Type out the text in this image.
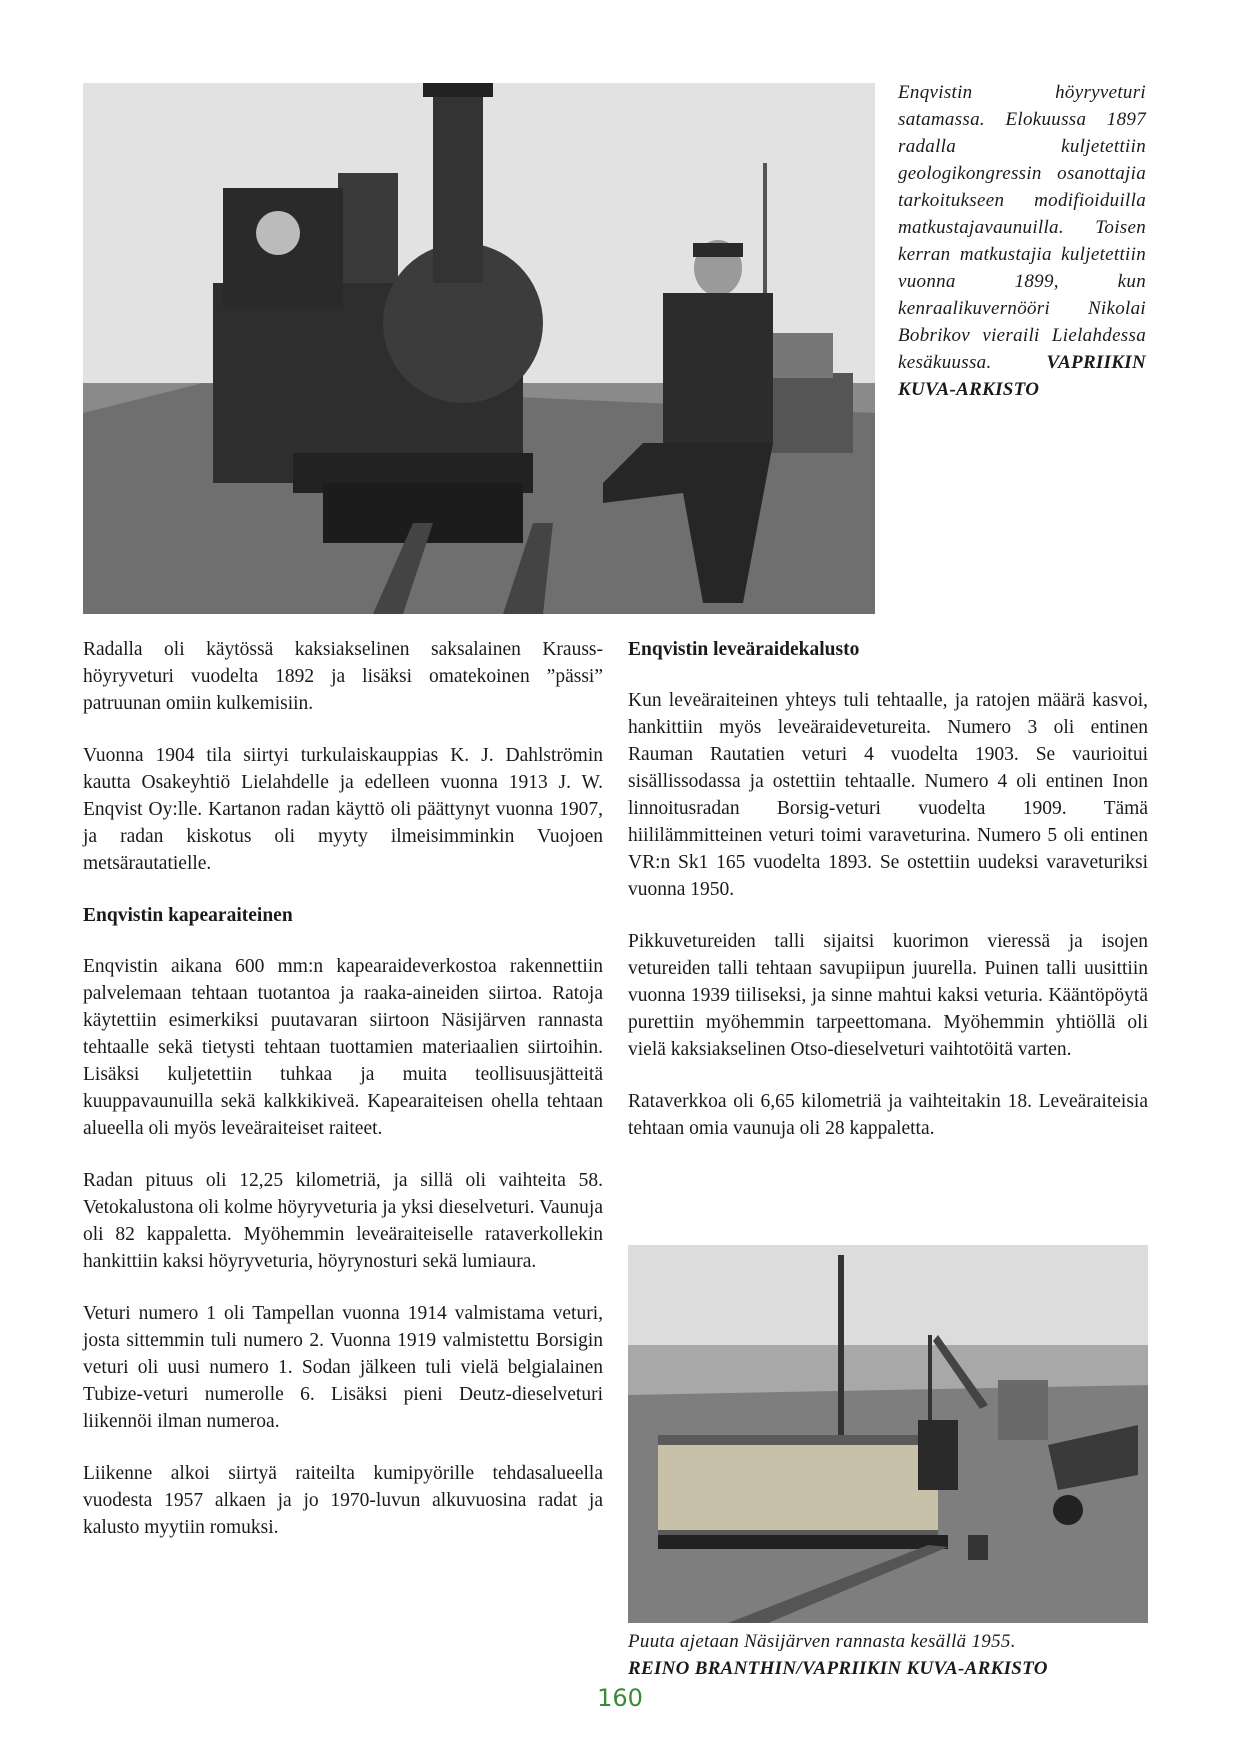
Enqvistin höyryveturi satamassa. Elokuussa 1897 radalla kuljetettiin geologikongressin osanottajia tarkoitukseen modifioiduilla matkustajavaunuilla. Toisen kerran matkustajia kuljetettiin vuonna 1899, kun kenraalikuvernööri Nikolai Bobrikov vieraili Lielahdessa kesäkuussa.	VAPRIIKIN KUVA-ARKISTO

Radalla oli käytössä kaksiakselinen saksalainen Krauss-höyryveturi vuodelta 1892 ja lisäksi omatekoinen ”pässi” patruunan omiin kulkemisiin.

Vuonna 1904 tila siirtyi turkulaiskauppias K. J. Dahlströmin kautta Osakeyhtiö Lielahdelle ja edelleen vuonna 1913 J. W. Enqvist Oy:lle. Kartanon radan käyttö oli päättynyt vuonna 1907, ja radan kiskotus oli myyty ilmeisimminkin Vuojoen metsärautatielle.

Enqvistin kapearaiteinen

Enqvistin aikana 600 mm:n kapearaideverkostoa rakennettiin palvelemaan tehtaan tuotantoa ja raaka-aineiden siirtoa. Ratoja käytettiin esimerkiksi puutavaran siirtoon Näsijärven rannasta tehtaalle sekä tietysti tehtaan tuottamien materiaalien siirtoihin. Lisäksi kuljetettiin tuhkaa ja muita teollisuusjätteitä kuuppavaunuilla sekä kalkkikiveä. Kapearaiteisen ohella tehtaan alueella oli myös leveäraiteiset raiteet.

Radan pituus oli 12,25 kilometriä, ja sillä oli vaihteita 58. Vetokalustona oli kolme höyryveturia ja yksi dieselveturi. Vaunuja oli 82 kappaletta. Myöhemmin leveäraiteiselle rataverkollekin hankittiin kaksi höyryveturia, höyrynosturi sekä lumiaura.

Veturi numero 1 oli Tampellan vuonna 1914 valmistama veturi, josta sittemmin tuli numero 2. Vuonna 1919 valmistettu Borsigin veturi oli uusi numero 1. Sodan jälkeen tuli vielä belgialainen Tubize-veturi numerolle 6. Lisäksi pieni Deutz-dieselveturi liikennöi ilman numeroa.

Liikenne alkoi siirtyä raiteilta kumipyörille tehdasalueella vuodesta 1957 alkaen ja jo 1970-luvun alkuvuosina radat ja kalusto myytiin romuksi.

Enqvistin leveäraidekalusto

Kun leveäraiteinen yhteys tuli tehtaalle, ja ratojen määrä kasvoi, hankittiin myös leveäraidevetureita. Numero 3 oli entinen Rauman Rautatien veturi 4 vuodelta 1903. Se vaurioitui sisällissodassa ja ostettiin tehtaalle. Numero 4 oli entinen Inon linnoitusradan Borsig-veturi vuodelta 1909. Tämä hiililämmitteinen veturi toimi varaveturina. Numero 5 oli entinen VR:n Sk1 165 vuodelta 1893. Se ostettiin uudeksi varaveturiksi vuonna 1950.

Pikkuvetureiden talli sijaitsi kuorimon vieressä ja isojen vetureiden talli tehtaan savupiipun juurella. Puinen talli uusittiin vuonna 1939 tiiliseksi, ja sinne mahtui kaksi veturia. Kääntöpöytä purettiin myöhemmin tarpeettomana. Myöhemmin yhtiöllä oli vielä kaksiakselinen Otso-dieselveturi vaihtotöitä varten.

Rataverkkoa oli 6,65 kilometriä ja vaihteitakin 18. Leveäraiteisia tehtaan omia vaunuja oli 28 kappaletta.

Puuta ajetaan Näsijärven rannasta kesällä 1955.
REINO BRANTHIN/VAPRIIKIN KUVA-ARKISTO
160
